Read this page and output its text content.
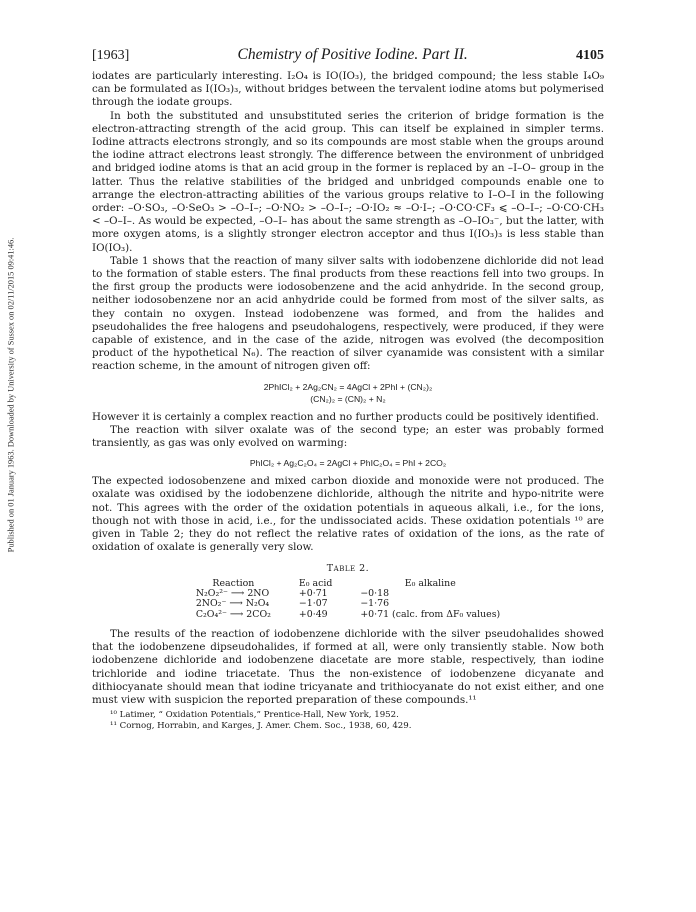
Published on 01 January 1963. Downloaded by University of Sussex on 02/11/2015 09:41:46.
[1963]	Chemistry of Positive Iodine. Part II.	4105

iodates are particularly interesting. I₂O₄ is IO(IO₃), the bridged compound; the less stable I₄O₉ can be formulated as I(IO₃)₃, without bridges between the tervalent iodine atoms but polymerised through the iodate groups.

In both the substituted and unsubstituted series the criterion of bridge formation is the electron-attracting strength of the acid group. This can itself be explained in simpler terms. Iodine attracts electrons strongly, and so its compounds are most stable when the groups around the iodine attract electrons least strongly. The difference between the environment of unbridged and bridged iodine atoms is that an acid group in the former is replaced by an –I–O– group in the latter. Thus the relative stabilities of the bridged and unbridged compounds enable one to arrange the electron-attracting abilities of the various groups relative to I–O–I in the following order: –O·SO₃, –O·SeO₃ > –O–I–; –O·NO₂ > –O–I–; –O·IO₂ ≈ –O·I–; –O·CO·CF₃ ⩽ –O–I–; –O·CO·CH₃ < –O–I–. As would be expected, –O–I– has about the same strength as –O–IO₃⁻, but the latter, with more oxygen atoms, is a slightly stronger electron acceptor and thus I(IO₃)₃ is less stable than IO(IO₃).

Table 1 shows that the reaction of many silver salts with iodobenzene dichloride did not lead to the formation of stable esters. The final products from these reactions fell into two groups. In the first group the products were iodosobenzene and the acid anhydride. In the second group, neither iodosobenzene nor an acid anhydride could be formed from most of the silver salts, as they contain no oxygen. Instead iodobenzene was formed, and from the halides and pseudohalides the free halogens and pseudohalogens, respectively, were produced, if they were capable of existence, and in the case of the azide, nitrogen was evolved (the decomposition product of the hypothetical N₆). The reaction of silver cyanamide was consistent with a similar reaction scheme, in the amount of nitrogen given off:

2PhICl₂ + 2Ag₂CN₂ = 4AgCl + 2PhI + (CN₂)₂
(CN₂)₂ = (CN)₂ + N₂

However it is certainly a complex reaction and no further products could be positively identified.

The reaction with silver oxalate was of the second type; an ester was probably formed transiently, as gas was only evolved on warming:

PhICl₂ + Ag₂C₂O₄ = 2AgCl + PhIC₂O₄ = PhI + 2CO₂

The expected iodosobenzene and mixed carbon dioxide and monoxide were not produced. The oxalate was oxidised by the iodobenzene dichloride, although the nitrite and hypo-nitrite were not. This agrees with the order of the oxidation potentials in aqueous alkali, i.e., for the ions, though not with those in acid, i.e., for the undissociated acids. These oxidation potentials ¹⁰ are given in Table 2; they do not reflect the relative rates of oxidation of the ions, as the rate of oxidation of oxalate is generally very slow.

Table 2.
Reaction	E₀ acid	E₀ alkaline
N₂O₂²⁻ ⟶ 2NO	+0·71	−0·18
2NO₂⁻ ⟶ N₂O₄	−1·07	−1·76
C₂O₄²⁻ ⟶ 2CO₂	+0·49	+0·71 (calc. from ΔF₀ values)

The results of the reaction of iodobenzene dichloride with the silver pseudohalides showed that the iodobenzene dipseudohalides, if formed at all, were only transiently stable. Now both iodobenzene dichloride and iodobenzene diacetate are more stable, respectively, than iodine trichloride and iodine triacetate. Thus the non-existence of iodobenzene dicyanate and dithiocyanate should mean that iodine tricyanate and trithiocyanate do not exist either, and one must view with suspicion the reported preparation of these compounds.¹¹

¹⁰ Latimer, “ Oxidation Potentials,” Prentice-Hall, New York, 1952.

¹¹ Cornog, Horrabin, and Karges, J. Amer. Chem. Soc., 1938, 60, 429.
